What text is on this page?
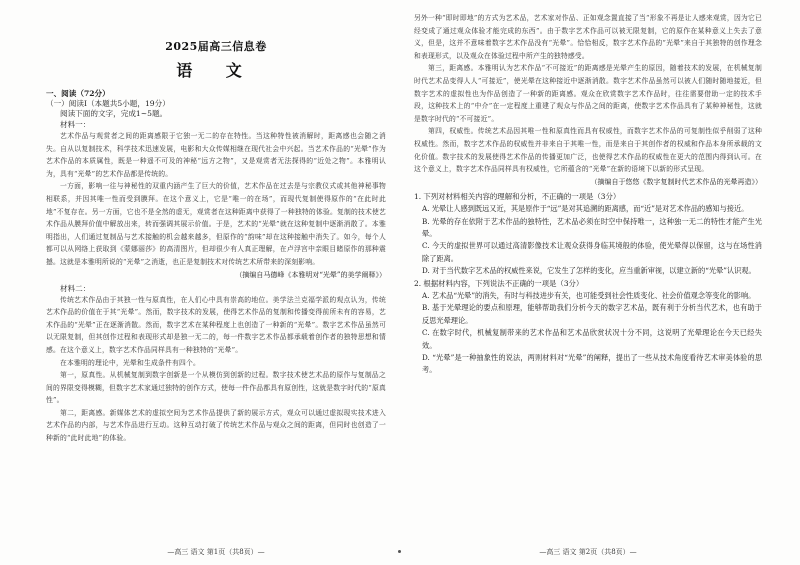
2025届高三信息卷
语 文
一、阅读（72分）
（一）阅读Ⅰ（本题共5小题，19分）
阅读下面的文字，完成1~5题。
材料一：

艺术作品与观赏者之间的距离感限于它独一无二的存在特性。当这种特性被消解时，距离感也会随之消失。自从以复制技术，科学技术迅速发展，电影和大众传媒相继在现代社会中兴起。当艺术作品的“光晕”作为艺术作品的本质属性，既是一种遥不可及的神秘“远方之物”，又是观赏者无法探得的“近处之物”。本雅明认为，具有“光晕”的艺术作品都是传统的。

一方面，影响一往与神秘性的双重内涵产生了巨大的价值，艺术作品在过去是与宗教仪式或其他神秘事物相联系，并因其唯一性而受到膜拜。在这个意义上，它是“唯一的在场”，而现代复制使得原作的“在此时此地”不复存在。另一方面，它也不是全然的虚无，观赏者在这种距离中获得了一种独特的体验。复制的技术使艺术作品从膜拜价值中解放出来，转而强调其展示价值。于是，艺术的“光晕”就在这种复制中逐渐消散了。本雅明指出，人们通过复制品与艺术接触的机会越来越多，但原作的“韵味”却在这种接触中消失了。如今，每个人都可以从网络上获取到《蒙娜丽莎》的高清图片，但却很少有人真正理解，在卢浮宫中亲眼目睹原作的那种震撼。这就是本雅明所说的“光晕”之消逝，也正是复制技术对传统艺术所带来的深刻影响。

（摘编自马德峰《本雅明对“光晕”的美学阐释》）
材料二：

传统艺术作品由于其独一性与原真性，在人们心中具有崇高的地位。美学法兰克福学派的观点认为，传统艺术作品的价值在于其“光晕”。然而，数字技术的发展，使得艺术作品的复制和传播变得前所未有的容易，艺术作品的“光晕”正在逐渐消散。然而，数字艺术在某种程度上也创造了一种新的“光晕”。数字艺术作品虽然可以无限复制，但其创作过程和表现形式却是独一无二的，每一件数字艺术作品都承载着创作者的独特思想和情感。在这个意义上，数字艺术作品同样具有一种独特的“光晕”。

在本雅明的理论中，光晕和生成条件有四个。

第一，原真性。从机械复制到数字创新是一个从模仿到创新的过程。数字技术使艺术品的原作与复制品之间的界限变得模糊，但数字艺术家通过独特的创作方式，使每一件作品都具有原创性，这就是数字时代的“原真性”。

第二，距离感。新媒体艺术的虚拟空间为艺术作品提供了新的展示方式，观众可以通过虚拟现实技术进入艺术作品的内部，与艺术作品进行互动。这种互动打破了传统艺术作品与观众之间的距离，但同时也创造了一种新的“此时此地”的体验。

—高三 语文 第1页（共8页）—

另外一种“即时即地”的方式为艺术品，艺术家对作品、正如观念置直接了当“形象不再是让人感来观赏，因为它已经变成了通过观众体验才能完成的东西”。由于数字艺术作品可以被无限复制，它的原作在某种意义上失去了意义，但是，这并不意味着数字艺术作品没有“光晕”。恰恰相反，数字艺术作品的“光晕”来自于其独特的创作理念和表现形式，以及观众在体验过程中所产生的独特感受。

第三，距离感。本雅明认为艺术作品“不可接近”的距离感是光晕产生的原因，随着技术的发展，在机械复制时代艺术品变得人人“可接近”，使光晕在这种接近中逐渐消散。数字艺术作品虽然可以被人们随时随地接近，但数字艺术的虚拟性也为作品创造了一种新的距离感。观众在欣赏数字艺术作品时，往往需要借助一定的技术手段，这种技术上的“中介”在一定程度上重建了观众与作品之间的距离，使数字艺术作品具有了某种神秘性，这就是数字时代的“不可接近”。

第四，权威性。传统艺术品因其唯一性和原真性而具有权威性，而数字艺术作品的可复制性似乎削弱了这种权威性。然而，数字艺术作品的权威性并非来自于其唯一性，而是来自于其创作者的权威和作品本身所承载的文化价值。数字技术的发展使得艺术作品的传播更加广泛，也使得艺术作品的权威性在更大的范围内得到认可。在这个意义上，数字艺术作品同样具有权威性，它所蕴含的“光晕”在新的语境下以新的形式呈现。

（摘编自于悠悠《数字复制时代艺术作品的光晕再造》）
1. 下列对材料相关内容的理解和分析，不正确的一项是（3分）
A. 光晕让人感到既远又近，其是原作于“远”是对其追溯的距离感，而“近”是对艺术作品的感知与接近。
B. 光晕的存在依附于艺术作品的独特性，艺术品必须在时空中保持唯一，这种独一无二的特性才能产生光晕。
C. 今天的虚拟世界可以通过高清影像技术让观众获得身临其境般的体验，使光晕得以保留，这与在场性消除了距离。
D. 对于当代数字艺术品的权威性来说，它发生了怎样的变化，应当重新审视，以建立新的“光晕”认识观。
2. 根据材料内容，下列说法不正确的一项是（3分）
A. 艺术品“光晕”的消失，有时与科技进步有关，也可能受到社会性质变化、社会价值观念等变化的影响。
B. 基于光晕理论的要点和原理，能够帮助我们分析今天的数字艺术品，既有利于分析当代艺术，也有助于反思光晕理论。
C. 在数字时代，机械复制带来的艺术作品和艺术品欣赏状况十分不同，这说明了光晕理论在今天已经失效。
D. “光晕”是一种抽象性的说法，两则材料对“光晕”的阐释，提出了一些从技术角度看待艺术审美体验的思考。
—高三 语文 第2页（共8页）—
